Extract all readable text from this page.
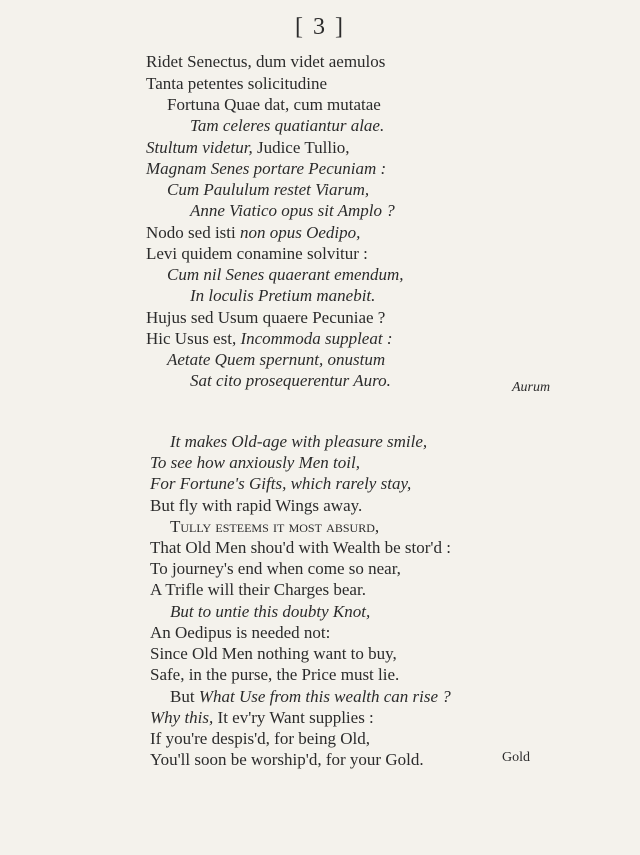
[ 3 ]
Ridet Senectus, dum videt aemulos
Tanta petentes solicitudine
Fortuna Quae dat, cum mutatae
Tam celeres quatiantur alae.
Stultum videtur, Judice Tullio,
Magnam Senes portare Pecuniam :
Cum Paululum restet Viarum,
Anne Viatico opus sit Amplo ?
Nodo sed isti non opus Oedipo,
Levi quidem conamine solvitur :
Cum nil Senes quaerant emendum,
In loculis Pretium manebit.
Hujus sed Usum quaere Pecuniae ?
Hic Usus est, Incommoda suppleat :
Aetate Quem spernunt, onustum
Sat cito prosequerentur Auro.	Aurum
It makes Old-age with pleasure smile,
To see how anxiously Men toil,
For Fortune's Gifts, which rarely stay,
But fly with rapid Wings away.
Tully esteems it most absurd,
That Old Men shou'd with Wealth be stor'd :
To journey's end when come so near,
A Trifle will their Charges bear.
But to untie this doubty Knot,
An Oedipus is needed not:
Since Old Men nothing want to buy,
Safe, in the purse, the Price must lie.
But What Use from this wealth can rise ?
Why this, It ev'ry Want supplies :
If you're despis'd, for being Old,
You'll soon be worship'd, for your Gold.	Gold
